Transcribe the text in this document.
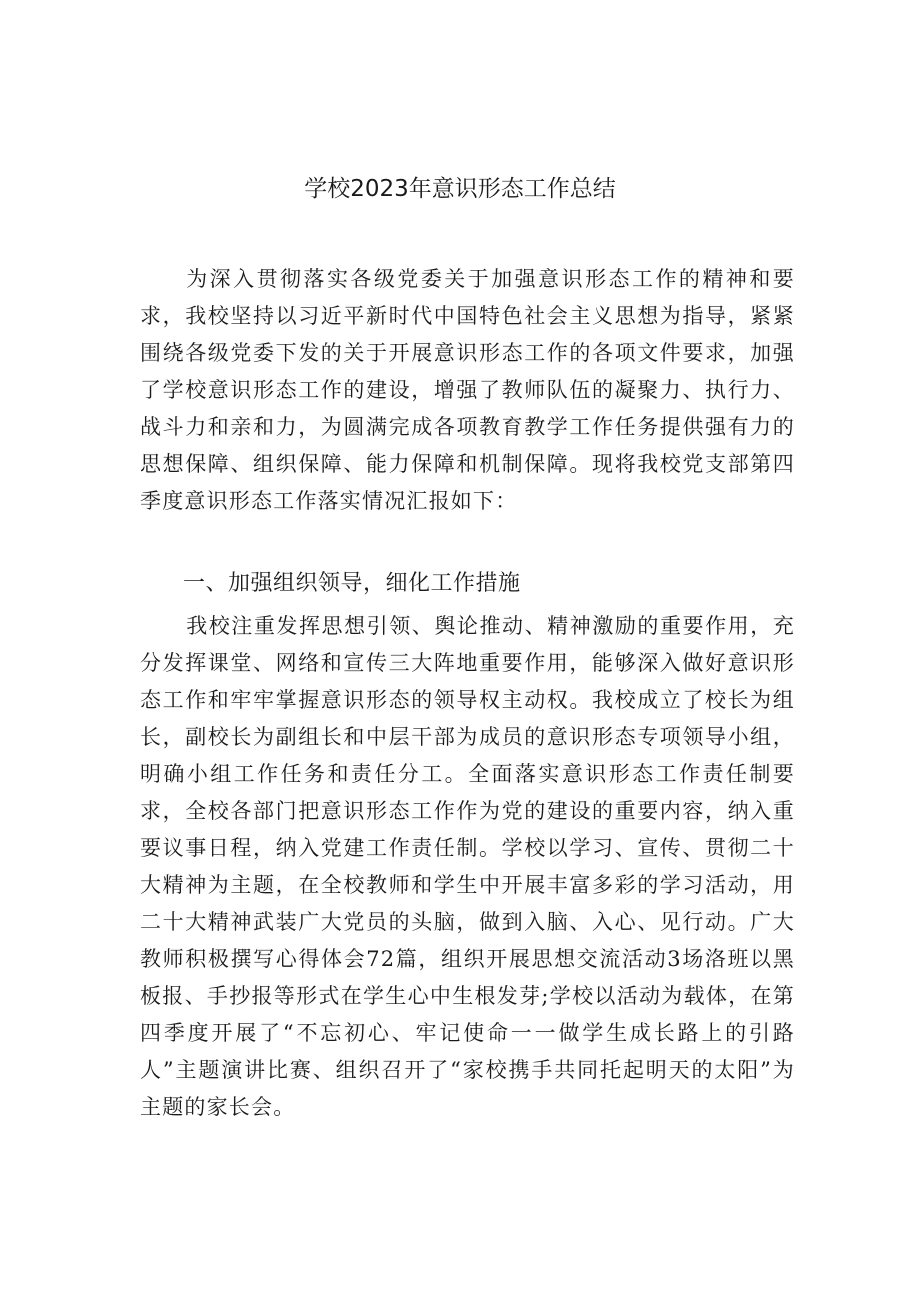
学校2023年意识形态工作总结

为深入贯彻落实各级党委关于加强意识形态工作的精神和要求，我校坚持以习近平新时代中国特色社会主义思想为指导，紧紧围绕各级党委下发的关于开展意识形态工作的各项文件要求，加强了学校意识形态工作的建设，增强了教师队伍的凝聚力、执行力、战斗力和亲和力，为圆满完成各项教育教学工作任务提供强有力的思想保障、组织保障、能力保障和机制保障。现将我校党支部第四季度意识形态工作落实情况汇报如下：

一、加强组织领导，细化工作措施

我校注重发挥思想引领、舆论推动、精神激励的重要作用，充分发挥课堂、网络和宣传三大阵地重要作用，能够深入做好意识形态工作和牢牢掌握意识形态的领导权主动权。我校成立了校长为组长，副校长为副组长和中层干部为成员的意识形态专项领导小组，明确小组工作任务和责任分工。全面落实意识形态工作责任制要求，全校各部门把意识形态工作作为党的建设的重要内容，纳入重要议事日程，纳入党建工作责任制。学校以学习、宣传、贯彻二十大精神为主题，在全校教师和学生中开展丰富多彩的学习活动，用二十大精神武装广大党员的头脑，做到入脑、入心、见行动。广大教师积极撰写心得体会72篇，组织开展思想交流活动3场洛班以黑板报、手抄报等形式在学生心中生根发芽;学校以活动为载体，在第四季度开展了“不忘初心、牢记使命一一做学生成长路上的引路人”主题演讲比赛、组织召开了“家校携手共同托起明天的太阳”为主题的家长会。
